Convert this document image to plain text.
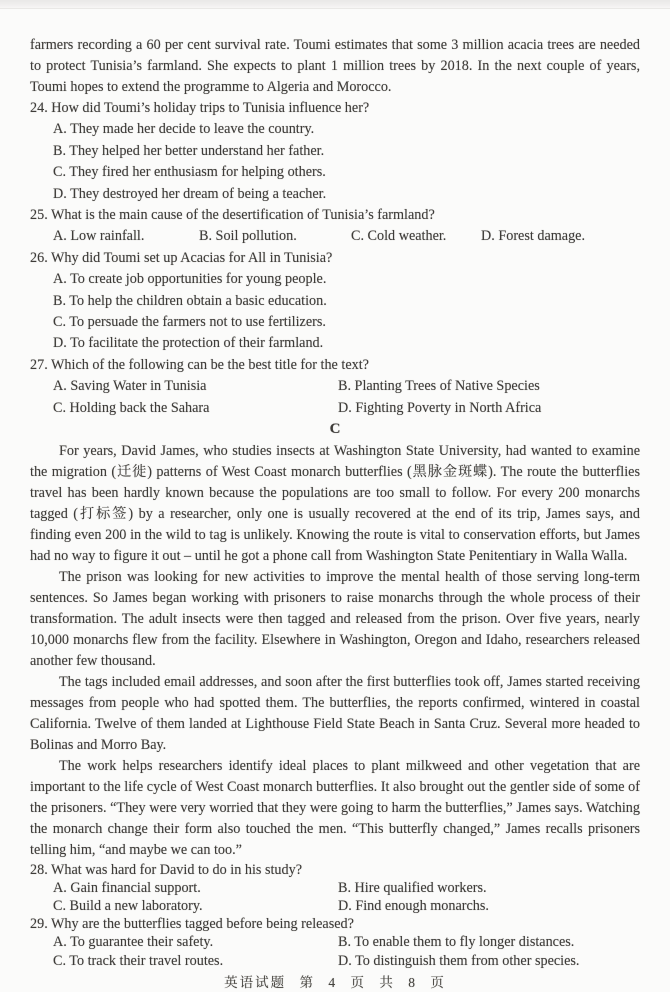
farmers recording a 60 per cent survival rate. Toumi estimates that some 3 million acacia trees are needed to protect Tunisia’s farmland. She expects to plant 1 million trees by 2018. In the next couple of years, Toumi hopes to extend the programme to Algeria and Morocco.

24. How did Toumi’s holiday trips to Tunisia influence her?
A. They made her decide to leave the country.
B. They helped her better understand her father.
C. They fired her enthusiasm for helping others.
D. They destroyed her dream of being a teacher.
25. What is the main cause of the desertification of Tunisia’s farmland?
A. Low rainfall.	B. Soil pollution.	C. Cold weather.	D. Forest damage.
26. Why did Toumi set up Acacias for All in Tunisia?
A. To create job opportunities for young people.
B. To help the children obtain a basic education.
C. To persuade the farmers not to use fertilizers.
D. To facilitate the protection of their farmland.
27. Which of the following can be the best title for the text?
A. Saving Water in Tunisia	B. Planting Trees of Native Species
C. Holding back the Sahara	D. Fighting Poverty in North Africa
C

For years, David James, who studies insects at Washington State University, had wanted to examine the migration (迁徙) patterns of West Coast monarch butterflies (黑脉金斑蝶). The route the butterflies travel has been hardly known because the populations are too small to follow. For every 200 monarchs tagged (打标签) by a researcher, only one is usually recovered at the end of its trip, James says, and finding even 200 in the wild to tag is unlikely. Knowing the route is vital to conservation efforts, but James had no way to figure it out – until he got a phone call from Washington State Penitentiary in Walla Walla.

The prison was looking for new activities to improve the mental health of those serving long-term sentences. So James began working with prisoners to raise monarchs through the whole process of their transformation. The adult insects were then tagged and released from the prison. Over five years, nearly 10,000 monarchs flew from the facility. Elsewhere in Washington, Oregon and Idaho, researchers released another few thousand.

The tags included email addresses, and soon after the first butterflies took off, James started receiving messages from people who had spotted them. The butterflies, the reports confirmed, wintered in coastal California. Twelve of them landed at Lighthouse Field State Beach in Santa Cruz. Several more headed to Bolinas and Morro Bay.

The work helps researchers identify ideal places to plant milkweed and other vegetation that are important to the life cycle of West Coast monarch butterflies. It also brought out the gentler side of some of the prisoners. “They were very worried that they were going to harm the butterflies,” James says. Watching the monarch change their form also touched the men. “This butterfly changed,” James recalls prisoners telling him, “and maybe we can too.”

28. What was hard for David to do in his study?
A. Gain financial support.	B. Hire qualified workers.
C. Build a new laboratory.	D. Find enough monarchs.
29. Why are the butterflies tagged before being released?
A. To guarantee their safety.	B. To enable them to fly longer distances.
C. To track their travel routes.	D. To distinguish them from other species.
英语试题 第 4 页 共 8 页
